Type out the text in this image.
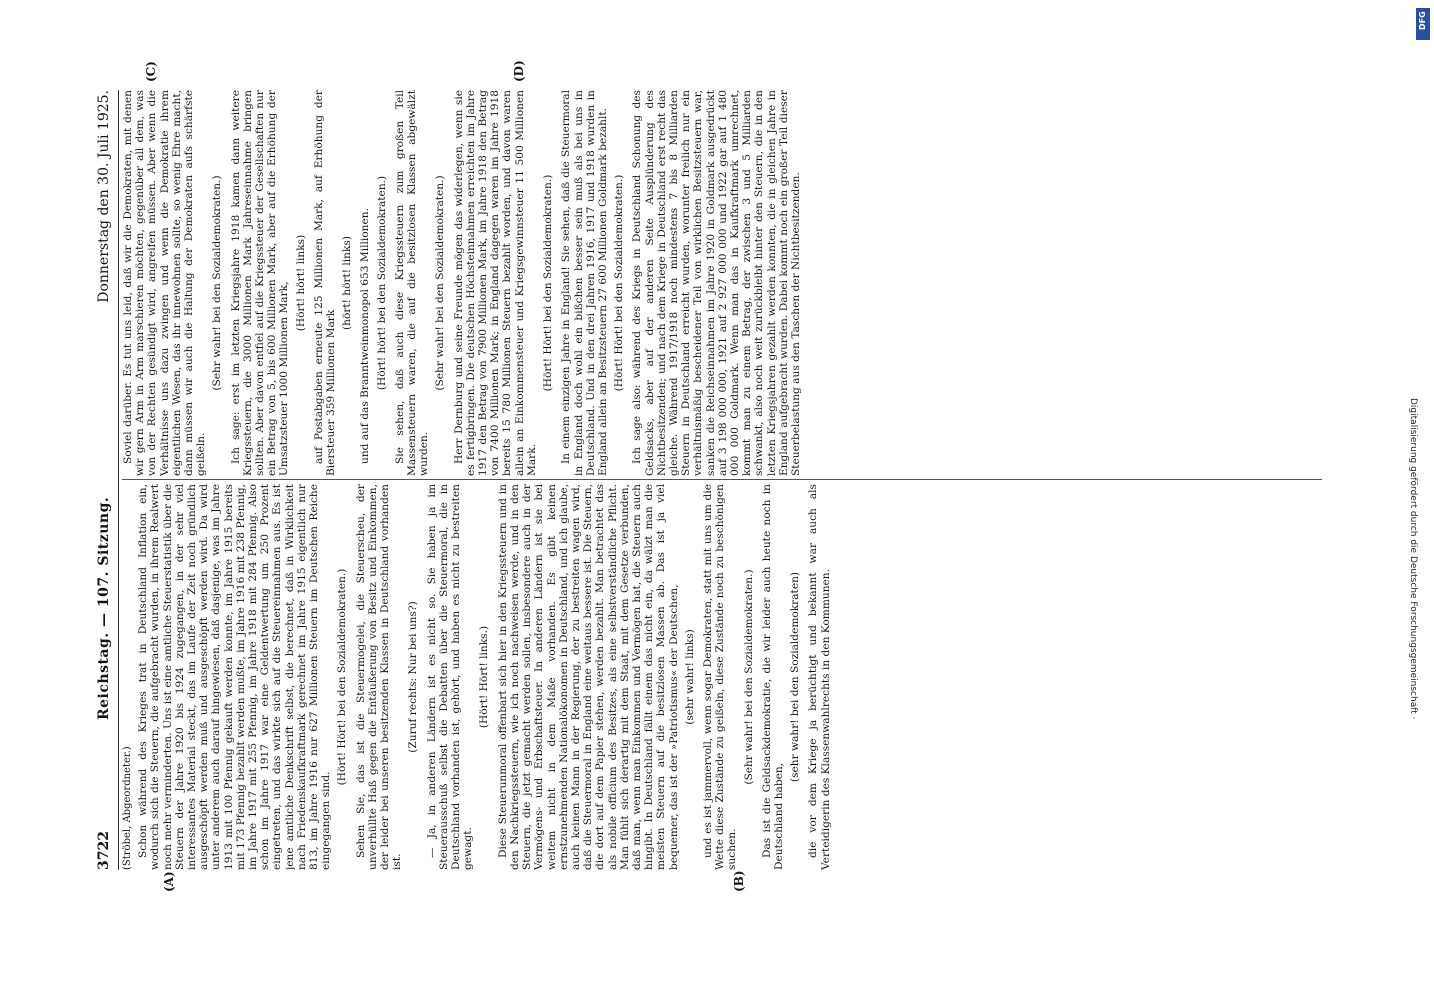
3722
Reichstag. — 107. Sitzung.
Donnerstag den 30. Juli 1925.
(A)	(B)
(C)	(D)

(Ströbel, Abgeordneter.) Schon während des Krieges trat in Deutschland Inflation ein, wodurch sich die Steuern, die aufgebracht wurden, in ihrem Realwert noch mehr verminderten. Uns ist eine amtliche Steuerstatistik über die Steuern der Jahre 1920 bis 1924 zugegangen, in der sehr viel interessantes Material steckt, das im Laufe der Zeit noch gründlich ausgeschöpft werden muß und ausgeschöpft werden wird. Da wird unter anderem auch darauf hingewiesen, daß dasjenige, was im Jahre 1913 mit 100 Pfennig gekauft werden konnte, im Jahre 1915 bereits mit 173 Pfennig bezahlt werden mußte, im Jahre 1916 mit 238 Pfennig, im Jahre 1917 mit 255 Pfennig, im Jahre 1918 mit 284 Pfennig. Also schon im Jahre 1917 war eine Geldentwertung um 250 Prozent eingetreten, und das wirkte sich auf die Steuereinnahmen aus. Es ist jene amtliche Denkschrift selbst, die berechnet, daß in Wirklichkeit nach Friedenskaufkraftmark gerechnet im Jahre 1915 eigentlich nur 813, im Jahre 1916 nur 627 Millionen Steuern im Deutschen Reiche eingegangen sind.

(Hört! Hört! bei den Sozialdemokraten.) Sehen Sie, das ist die Steuermogelei, die Steuerscheu, der unverhüllte Haß gegen die Entäußerung von Besitz und Einkommen, der leider bei unseren besitzenden Klassen in Deutschland vorhanden ist.

(Zuruf rechts: Nur bei uns?) — Ja, in anderen Ländern ist es nicht so. Sie haben ja im Steuerausschuß selbst die Debatten über die Steuermoral, die in Deutschland vorhanden ist, gehört, und haben es nicht zu bestreiten gewagt.

(Hört! Hört! links.) Diese Steuerunmoral offenbart sich hier in den Kriegssteuern und in den Nachkriegssteuern, wie ich noch nachweisen werde, und in den Steuern, die jetzt gemacht werden sollen, insbesondere auch in der Vermögens- und Erbschaftsteuer. In anderen Ländern ist sie bei weitem nicht in dem Maße vorhanden. Es gibt keinen ernstzunehmenden Nationalökonomen in Deutschland, und ich glaube, auch keinen Mann in der Regierung, der zu bestreiten wagen wird, daß die Steuermoral in England eine weitaus bessere ist. Die Steuern, die dort auf dem Papier stehen, werden bezahlt. Man betrachtet das als nobile officium des Besitzes, als eine selbstverständliche Pflicht. Man fühlt sich derartig mit dem Staat, mit dem Gesetze verbunden, daß man, wenn man Einkommen und Vermögen hat, die Steuern auch hingibt. In Deutschland fällt einem das nicht ein, da wälzt man die meisten Steuern auf die besitzlosen Massen ab. Das ist ja viel bequemer, das ist der »Patriotismus« der Deutschen, (sehr wahr! links) und es ist jammervoll, wenn sogar Demokraten, statt mit uns um die Wette diese Zustände zu geißeln, diese Zustände noch zu beschönigen suchen.

(Sehr wahr! bei den Sozialdemokraten.) Das ist die Geldsackdemokratie, die wir leider auch heute noch in Deutschland haben,

(sehr wahr! bei den Sozialdemokraten) die vor dem Kriege ja berüchtigt und bekannt war auch als Verteidigerin des Klassenwahlrechts in den Kommunen.

Soviel darüber. Es tut uns leid, daß wir die Demokraten, mit denen wir gern Arm in Arm marschieren möchten, gegenüber all dem, was von der Rechten gesündigt wird, angreifen müssen. Aber wenn die Verhältnisse uns dazu zwingen und wenn die Demokratie ihrem eigentlichen Wesen, das ihr innewohnen sollte, so wenig Ehre macht, dann müssen wir auch die Haltung der Demokraten aufs schärfste geißeln.

(Sehr wahr! bei den Sozialdemokraten.) Ich sage: erst im letzten Kriegsjahre 1918 kamen dann weitere Kriegssteuern, die 3000 Millionen Mark Jahreseinnahme bringen sollten. Aber davon entfiel auf die Kriegssteuer der Gesellschaften nur ein Betrag von 5, bis 600 Millionen Mark, aber auf die Erhöhung der Umsatzsteuer 1000 Millionen Mark, (Hört! hört! links) auf Postabgaben erneute 125 Millionen Mark, auf Erhöhung der Biersteuer 359 Millionen Mark

(hört! hört! links) und auf das Branntweinmonopol 653 Millionen. (Hört! hört! bei den Sozialdemokraten.) Sie sehen, daß auch diese Kriegssteuern zum großen Teil Massensteuern waren, die auf die besitzlosen Klassen abgewälzt wurden.

(Sehr wahr! bei den Sozialdemokraten.) Herr Dernburg und seine Freunde mögen das widerlegen, wenn sie es fertigbringen. Die deutschen Höchsteinnahmen erreichten im Jahre 1917 den Betrag von 7900 Millionen Mark, im Jahre 1918 den Betrag von 7400 Millionen Mark; in England dagegen waren im Jahre 1918 bereits 15 780 Millionen Steuern bezahlt worden, und davon waren allein an Einkommensteuer und Kriegsgewinnsteuer 11 500 Millionen Mark.

(Hört! Hört! bei den Sozialdemokraten.) In einem einzigen Jahre in England! Sie sehen, daß die Steuermoral in England doch wohl ein bißchen besser sein muß als bei uns in Deutschland. Und in den drei Jahren 1916, 1917 und 1918 wurden in England allein an Besitzsteuern 27 600 Millionen Goldmark bezahlt. (Hört! Hört! bei den Sozialdemokraten.) Ich sage also: während des Kriegs in Deutschland Schonung des Geldsacks, aber auf der anderen Seite Ausplünderung des Nichtbesitzenden; und nach dem Kriege in Deutschland erst recht das gleiche. Während 1917/1918 noch mindestens 7 bis 8 Milliarden Steuern in Deutschland erreicht wurden, worunter freilich nur ein verhältnismäßig bescheidener Teil von wirklichen Besitzsteuern war, sanken die Reichseinnahmen im Jahre 1920 in Goldmark ausgedrückt auf 3 198 000 000, 1921 auf 2 927 000 000 und 1922 gar auf 1 480 000 000 Goldmark. Wenn man das in Kaufkraftmark umrechnet, kommt man zu einem Betrag, der zwischen 3 und 5 Milliarden schwankt, also noch weit zurückbleibt hinter den Steuern, die in den letzten Kriegsjahren gezahlt werden konnten, die in gleichen Jahre in England aufgebracht wurden. Dabei kommt noch ein großer Teil dieser Steuerbelastung aus den Taschen der Nichtbesitzenden.

DFG
Digitalisierung gefördert durch die Deutsche Forschungsgemeinschaft ·
